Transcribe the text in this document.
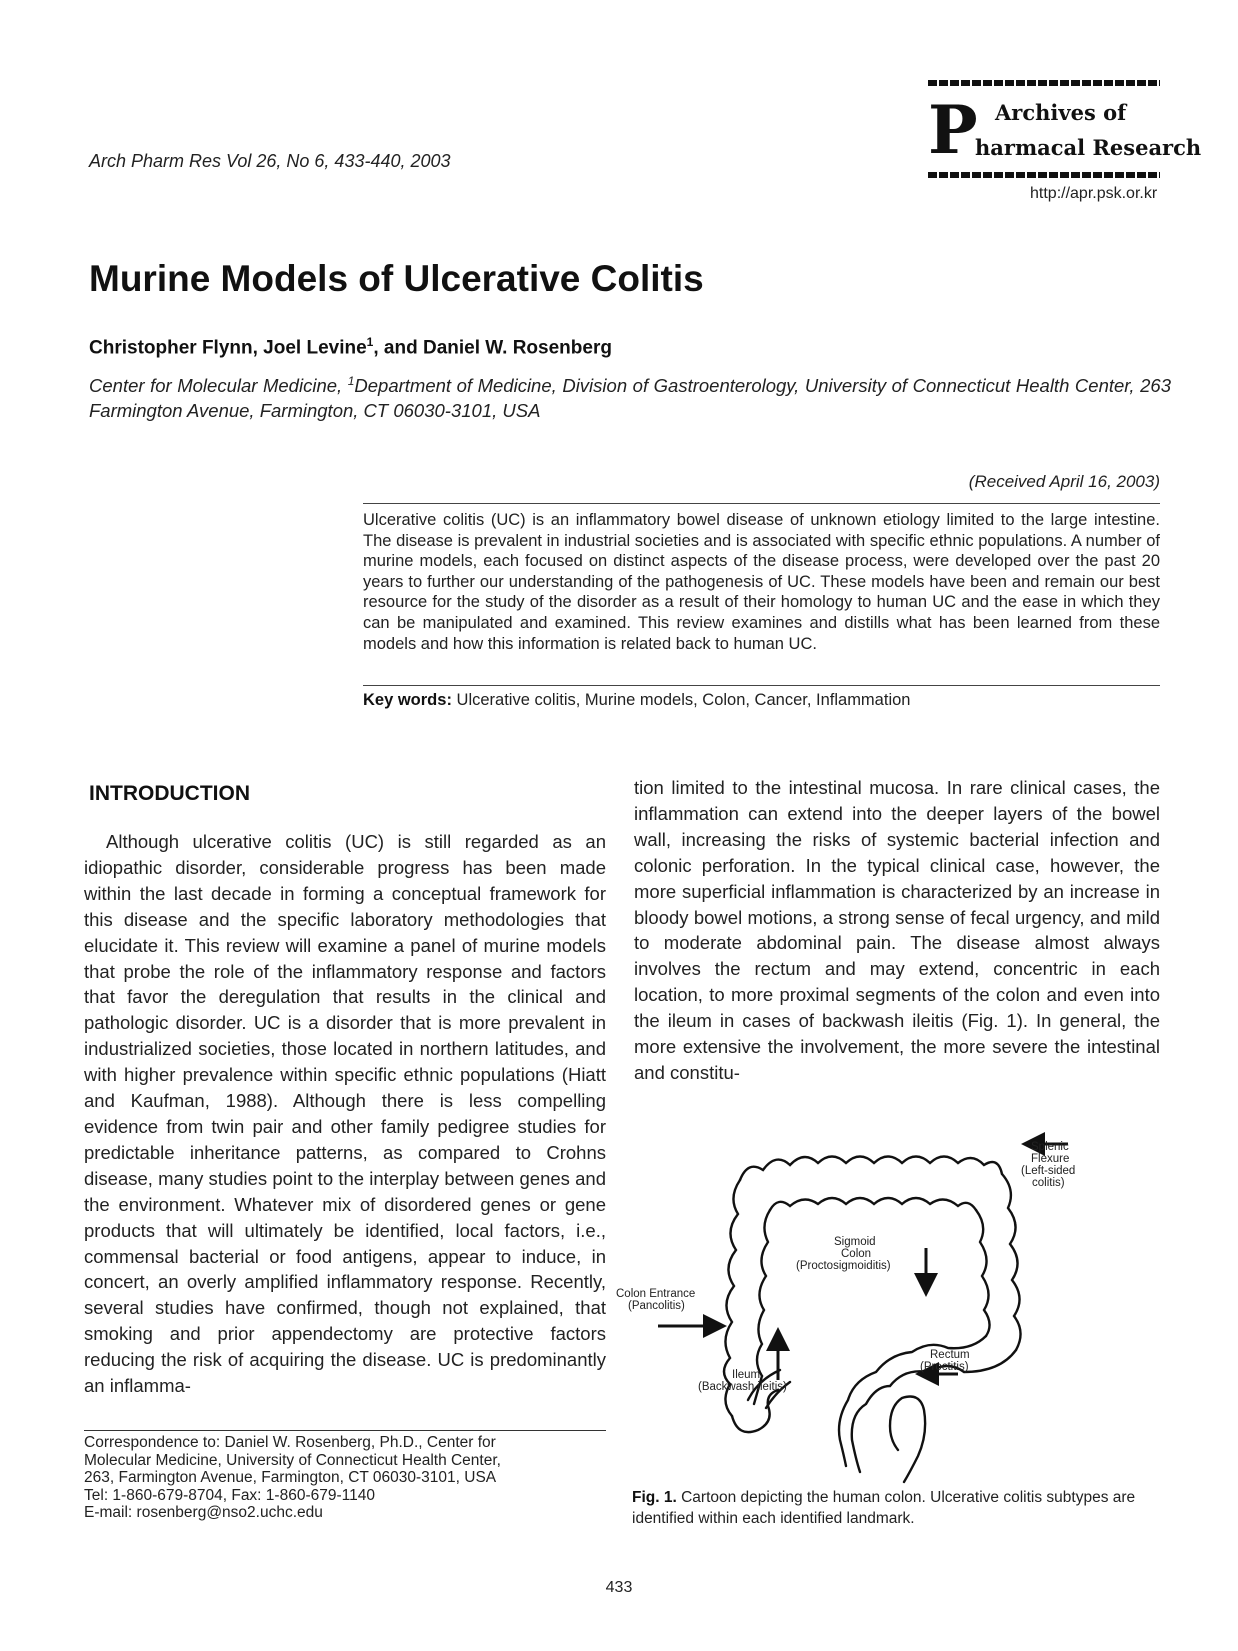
Arch Pharm Res Vol 26, No 6, 433-440, 2003	P Archives of
harmacal Research
http://apr.psk.or.kr
Murine Models of Ulcerative Colitis
Christopher Flynn, Joel Levine$^1$, and Daniel W. Rosenberg
Center for Molecular Medicine, $^1$Department of Medicine, Division of Gastroenterology, University of Connecticut Health Center, 263 Farmington Avenue, Farmington, CT 06030-3101, USA
(Received April 16, 2003)

Ulcerative colitis (UC) is an inflammatory bowel disease of unknown etiology limited to the large intestine. The disease is prevalent in industrial societies and is associated with specific ethnic populations. A number of murine models, each focused on distinct aspects of the disease process, were developed over the past 20 years to further our understanding of the pathogenesis of UC. These models have been and remain our best resource for the study of the disorder as a result of their homology to human UC and the ease in which they can be manipulated and examined. This review examines and distills what has been learned from these models and how this information is related back to human UC.

Key words: Ulcerative colitis, Murine models, Colon, Cancer, Inflammation
INTRODUCTION

Although ulcerative colitis (UC) is still regarded as an idiopathic disorder, considerable progress has been made within the last decade in forming a conceptual framework for this disease and the specific laboratory methodologies that elucidate it. This review will examine a panel of murine models that probe the role of the inflammatory response and factors that favor the deregulation that results in the clinical and pathologic disorder. UC is a disorder that is more prevalent in industrialized societies, those located in northern latitudes, and with higher prevalence within specific ethnic populations (Hiatt and Kaufman, 1988). Although there is less compelling evidence from twin pair and other family pedigree studies for predictable inheritance patterns, as compared to Crohns disease, many studies point to the interplay between genes and the environment. Whatever mix of disordered genes or gene products that will ultimately be identified, local factors, i.e., commensal bacterial or food antigens, appear to induce, in concert, an overly amplified inflammatory response. Recently, several studies have confirmed, though not explained, that smoking and prior appendectomy are protective factors reducing the risk of acquiring the disease. UC is predominantly an inflamma-

tion limited to the intestinal mucosa. In rare clinical cases, the inflammation can extend into the deeper layers of the bowel wall, increasing the risks of systemic bacterial infection and colonic perforation. In the typical clinical case, however, the more superficial inflammation is characterized by an increase in bloody bowel motions, a strong sense of fecal urgency, and mild to moderate abdominal pain. The disease almost always involves the rectum and may extend, concentric in each location, to more proximal segments of the colon and even into the ileum in cases of backwash ileitis (Fig. 1). In general, the more extensive the involvement, the more severe the intestinal and constitu-

Splenic
Flexure
(Left-sided
colitis)
Sigmoid
Colon
(Proctosigmoiditis)
Colon Entrance
(Pancolitis)
Rectum
(Proctitis)
Ileum
(Backwash ileitis)
Fig. 1. Cartoon depicting the human colon. Ulcerative colitis subtypes are identified within each identified landmark.
Correspondence to: Daniel W. Rosenberg, Ph.D., Center for
Molecular Medicine, University of Connecticut Health Center,
263, Farmington Avenue, Farmington, CT 06030-3101, USA
Tel: 1-860-679-8704, Fax: 1-860-679-1140
E-mail: rosenberg@nso2.uchc.edu
433
